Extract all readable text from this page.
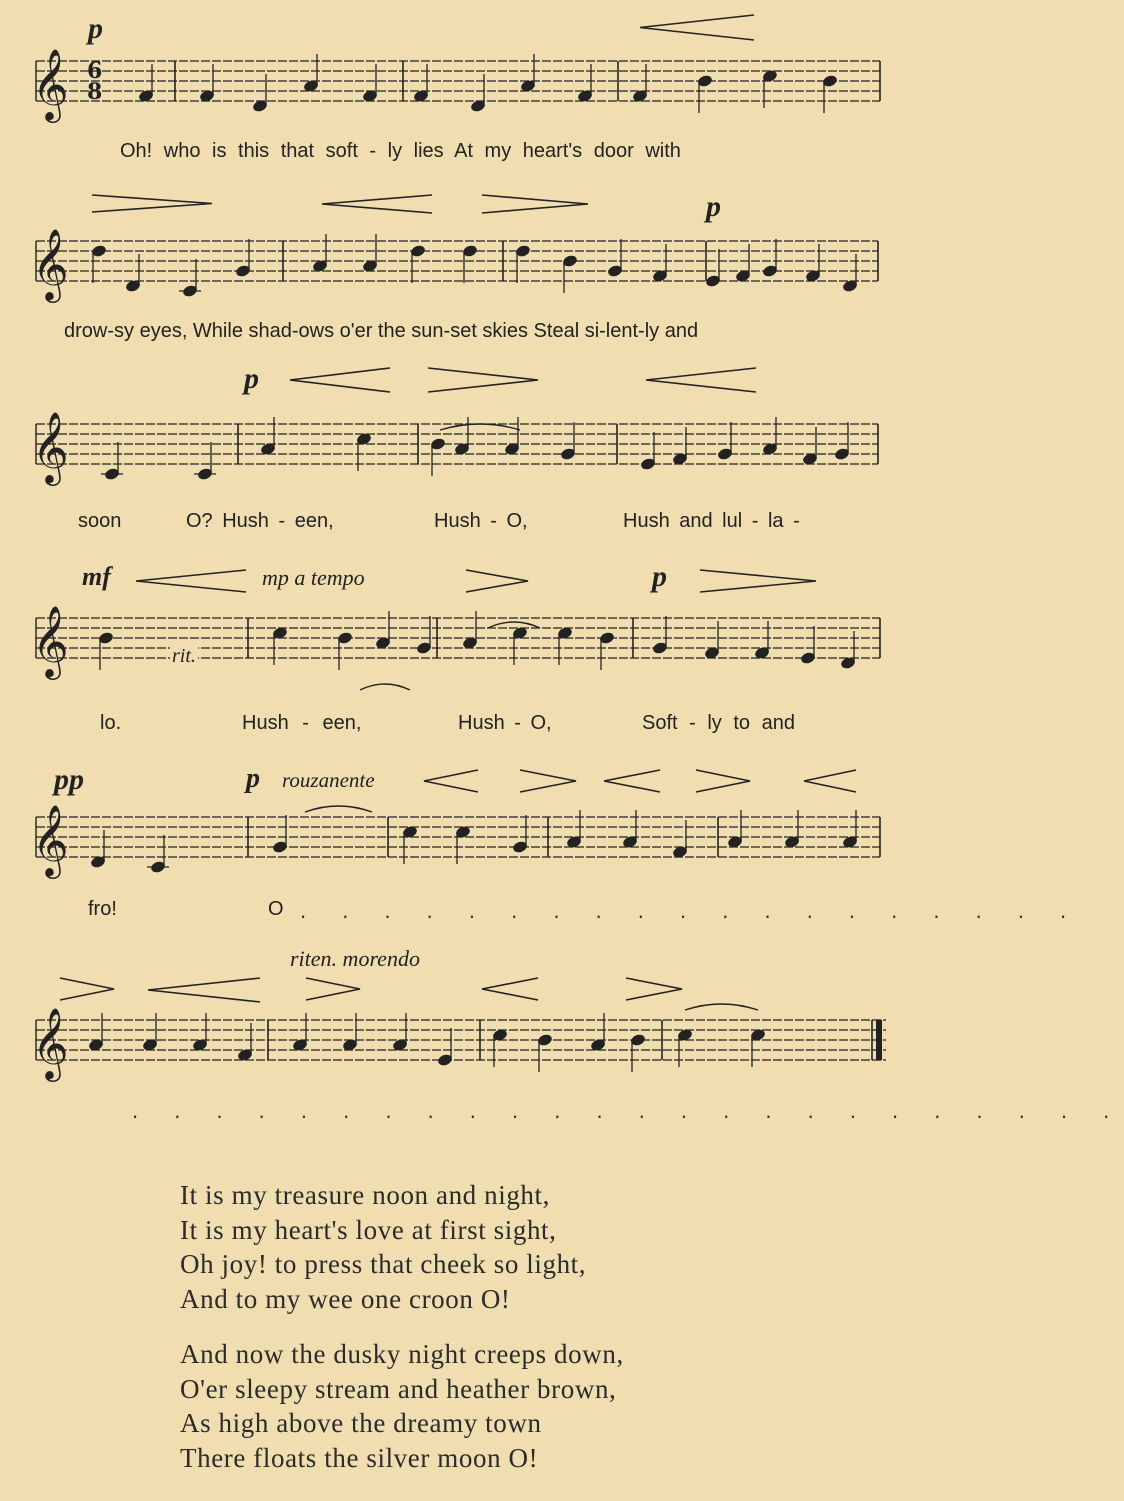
𝄞 6
8
𝄞
𝄞
𝄞
𝄞
𝄞
p
Oh! who is this that soft - ly lies At my heart's door with
p
drow-sy eyes, While shad-ows o'er the sun-set skies Steal si-lent-ly and
p
soon	O? Hush - een,	Hush - O,	Hush and lul - la -
mf	mp a tempo	p
rit.
lo.	Hush - een,	Hush - O,	Soft - ly to and
pp	p rouzanente
fro!	O . . . . . . . . . . . . . . . . . . .
riten. morendo
. . . . . . . . . . . . . . . . . . . . . . . .
It is my treasure noon and night,
It is my heart's love at first sight,
Oh joy! to press that cheek so light,
And to my wee one croon O!
And now the dusky night creeps down,
O'er sleepy stream and heather brown,
As high above the dreamy town
There floats the silver moon O!
